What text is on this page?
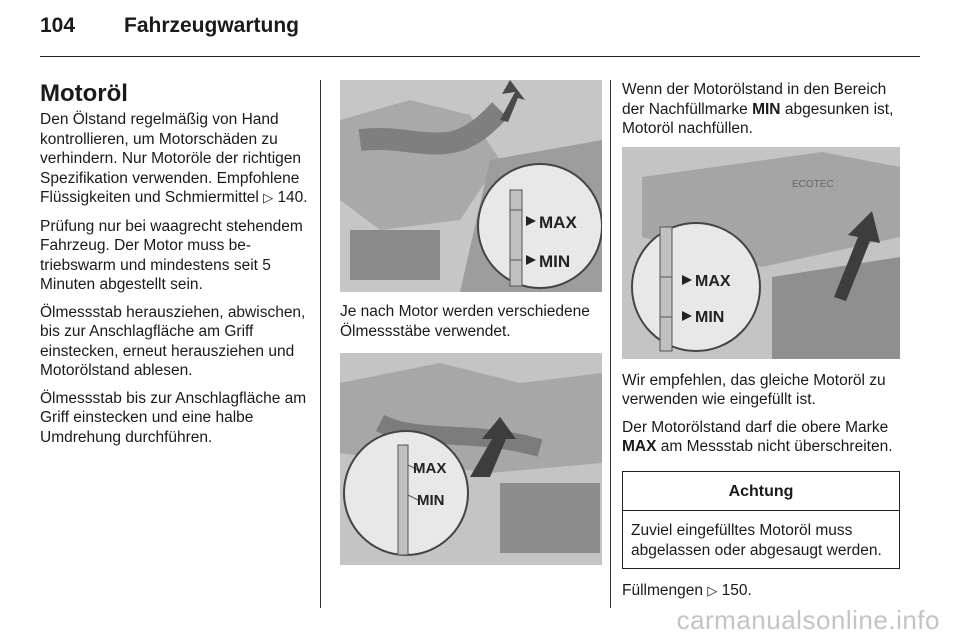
104 Fahrzeugwartung
Motoröl

Den Ölstand regelmäßig von Hand kontrollieren, um Motorschäden zu verhindern. Nur Motoröle der richtigen Spezifikation verwenden. Empfohlene Flüssigkeiten und Schmiermittel ▷ 140.

Prüfung nur bei waagrecht stehendem Fahrzeug. Der Motor muss betriebswarm und mindestens seit 5 Minuten abgestellt sein.

Ölmessstab herausziehen, abwischen, bis zur Anschlagfläche am Griff einstecken, erneut herausziehen und Motorölstand ablesen.

Ölmessstab bis zur Anschlagfläche am Griff einstecken und eine halbe Umdrehung durchführen.

MAX
MIN

Je nach Motor werden verschiedene Ölmessstäbe verwendet.

MAX
MIN

Wenn der Motorölstand in den Bereich der Nachfüllmarke MIN abgesunken ist, Motoröl nachfüllen.

ECOTEC
MAX
MIN

Wir empfehlen, das gleiche Motoröl zu verwenden wie eingefüllt ist.

Der Motorölstand darf die obere Marke MAX am Messstab nicht überschreiten.

Achtung
Zuviel eingefülltes Motoröl muss abgelassen oder abgesaugt werden.

Füllmengen ▷ 150.

carmanualsonline.info
